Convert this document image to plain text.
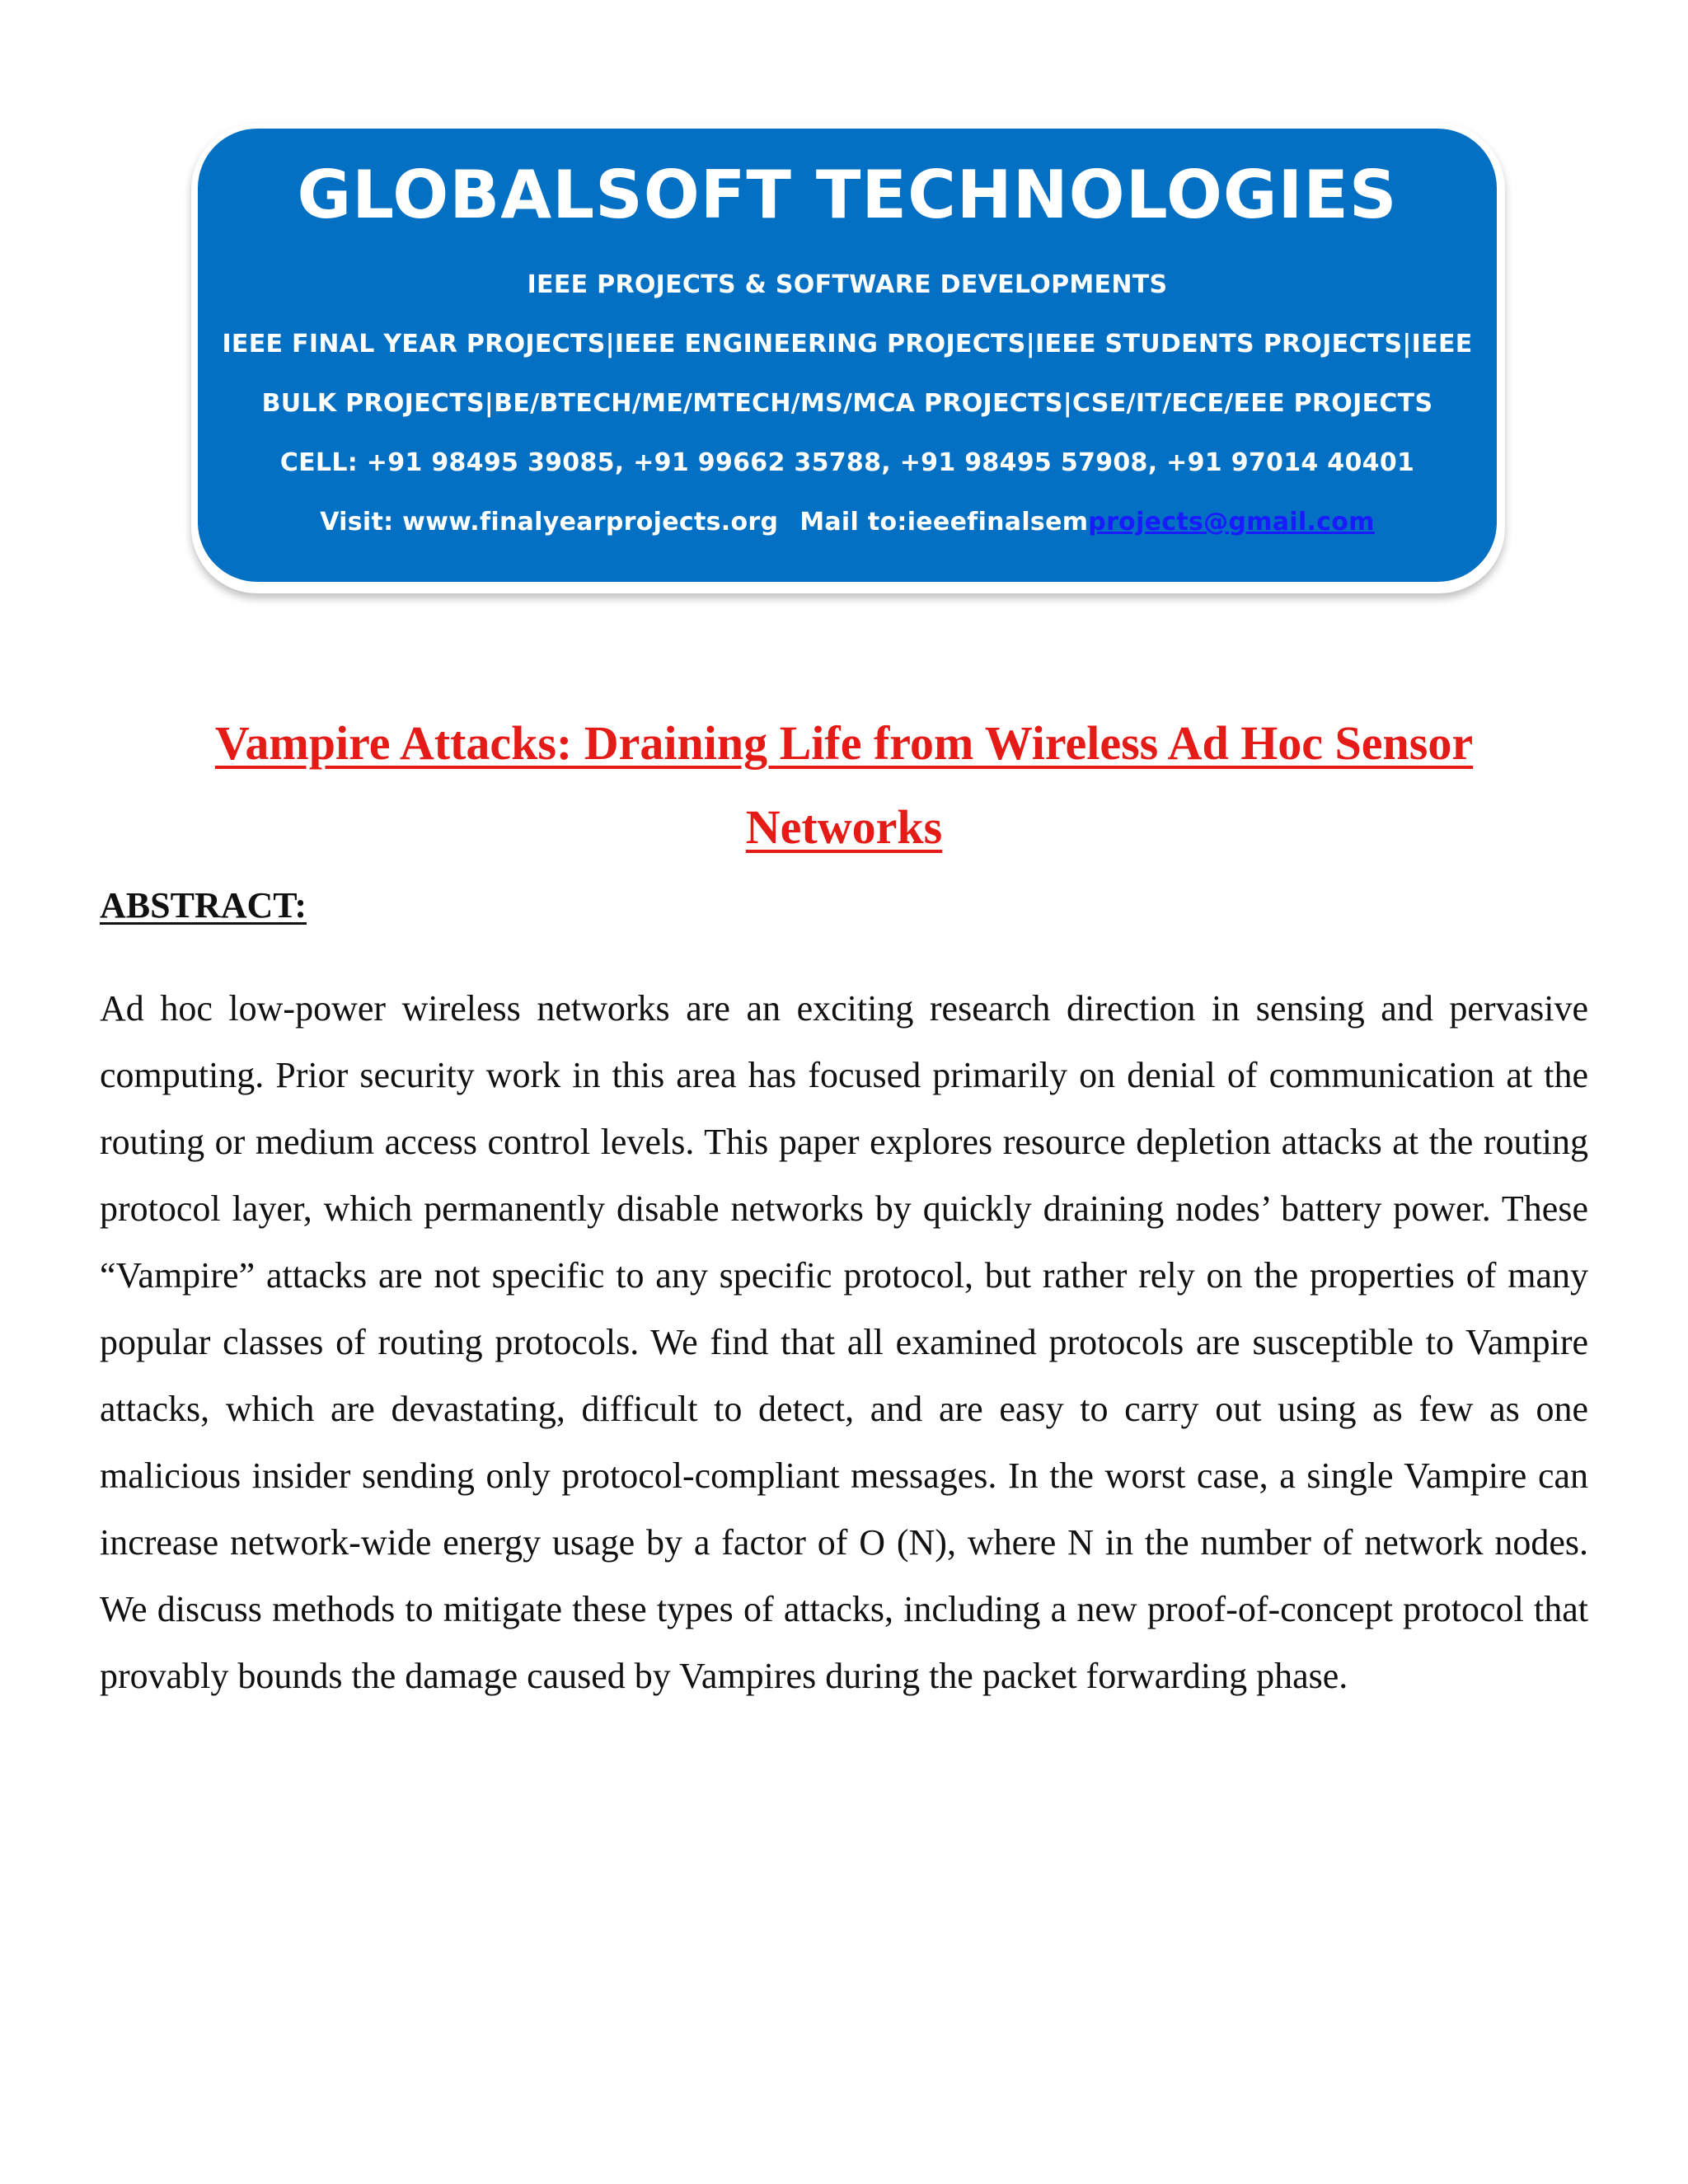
GLOBALSOFT TECHNOLOGIES
IEEE PROJECTS & SOFTWARE DEVELOPMENTS
IEEE FINAL YEAR PROJECTS|IEEE ENGINEERING PROJECTS|IEEE STUDENTS PROJECTS|IEEE
BULK PROJECTS|BE/BTECH/ME/MTECH/MS/MCA PROJECTS|CSE/IT/ECE/EEE PROJECTS
CELL: +91 98495 39085, +91 99662 35788, +91 98495 57908, +91 97014 40401
Visit: www.finalyearprojects.org Mail to:ieeefinalsemprojects@gmail.com
Vampire Attacks: Draining Life from Wireless Ad Hoc Sensor
Networks
ABSTRACT:
Ad hoc low-power wireless networks are an exciting research direction in sensing and pervasive computing. Prior security work in this area has focused primarily on denial of communication at the routing or medium access control levels. This paper explores resource depletion attacks at the routing protocol layer, which permanently disable networks by quickly draining nodes’ battery power. These “Vampire” attacks are not specific to any specific protocol, but rather rely on the properties of many popular classes of routing protocols. We find that all examined protocols are susceptible to Vampire attacks, which are devastating, difficult to detect, and are easy to carry out using as few as one malicious insider sending only protocol-compliant messages. In the worst case, a single Vampire can increase network-wide energy usage by a factor of O (N), where N in the number of network nodes. We discuss methods to mitigate these types of attacks, including a new proof-of-concept protocol that provably bounds the damage caused by Vampires during the packet forwarding phase.
